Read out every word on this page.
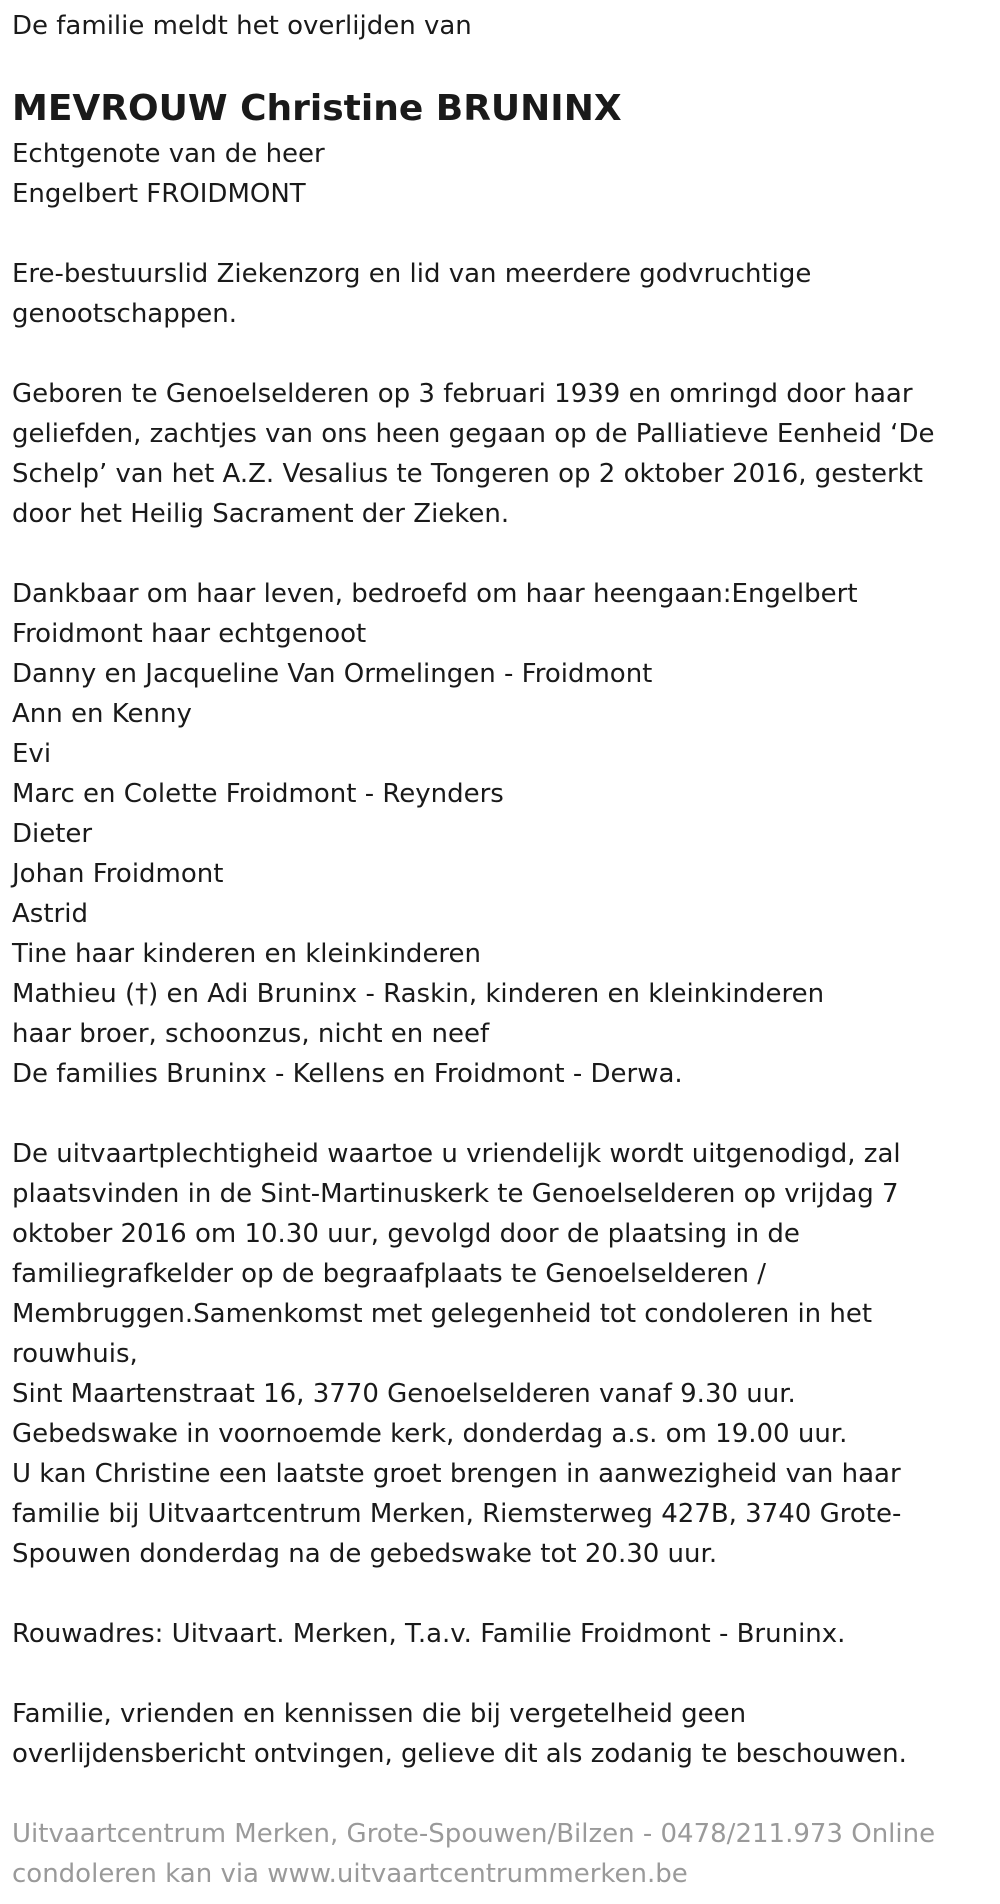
De familie meldt het overlijden van
MEVROUW Christine BRUNINX
Echtgenote van de heer
Engelbert FROIDMONT
Ere-bestuurslid Ziekenzorg en lid van meerdere godvruchtige
genootschappen.
Geboren te Genoelselderen op 3 februari 1939 en omringd door haar
geliefden, zachtjes van ons heen gegaan op de Palliatieve Eenheid ‘De
Schelp’ van het A.Z. Vesalius te Tongeren op 2 oktober 2016, gesterkt
door het Heilig Sacrament der Zieken.
Dankbaar om haar leven, bedroefd om haar heengaan:Engelbert
Froidmont haar echtgenoot
Danny en Jacqueline Van Ormelingen - Froidmont
Ann en Kenny
Evi
Marc en Colette Froidmont - Reynders
Dieter
Johan Froidmont
Astrid
Tine haar kinderen en kleinkinderen
Mathieu (†) en Adi Bruninx - Raskin, kinderen en kleinkinderen
haar broer, schoonzus, nicht en neef
De families Bruninx - Kellens en Froidmont - Derwa.
De uitvaartplechtigheid waartoe u vriendelijk wordt uitgenodigd, zal
plaatsvinden in de Sint-Martinuskerk te Genoelselderen op vrijdag 7
oktober 2016 om 10.30 uur, gevolgd door de plaatsing in de
familiegrafkelder op de begraafplaats te Genoelselderen /
Membruggen.Samenkomst met gelegenheid tot condoleren in het
rouwhuis,
Sint Maartenstraat 16, 3770 Genoelselderen vanaf 9.30 uur.
Gebedswake in voornoemde kerk, donderdag a.s. om 19.00 uur.
U kan Christine een laatste groet brengen in aanwezigheid van haar
familie bij Uitvaartcentrum Merken, Riemsterweg 427B, 3740 Grote-
Spouwen donderdag na de gebedswake tot 20.30 uur.
Rouwadres: Uitvaart. Merken, T.a.v. Familie Froidmont - Bruninx.
Familie, vrienden en kennissen die bij vergetelheid geen
overlijdensbericht ontvingen, gelieve dit als zodanig te beschouwen.
Uitvaartcentrum Merken, Grote-Spouwen/Bilzen - 0478/211.973 Online
condoleren kan via www.uitvaartcentrummerken.be
